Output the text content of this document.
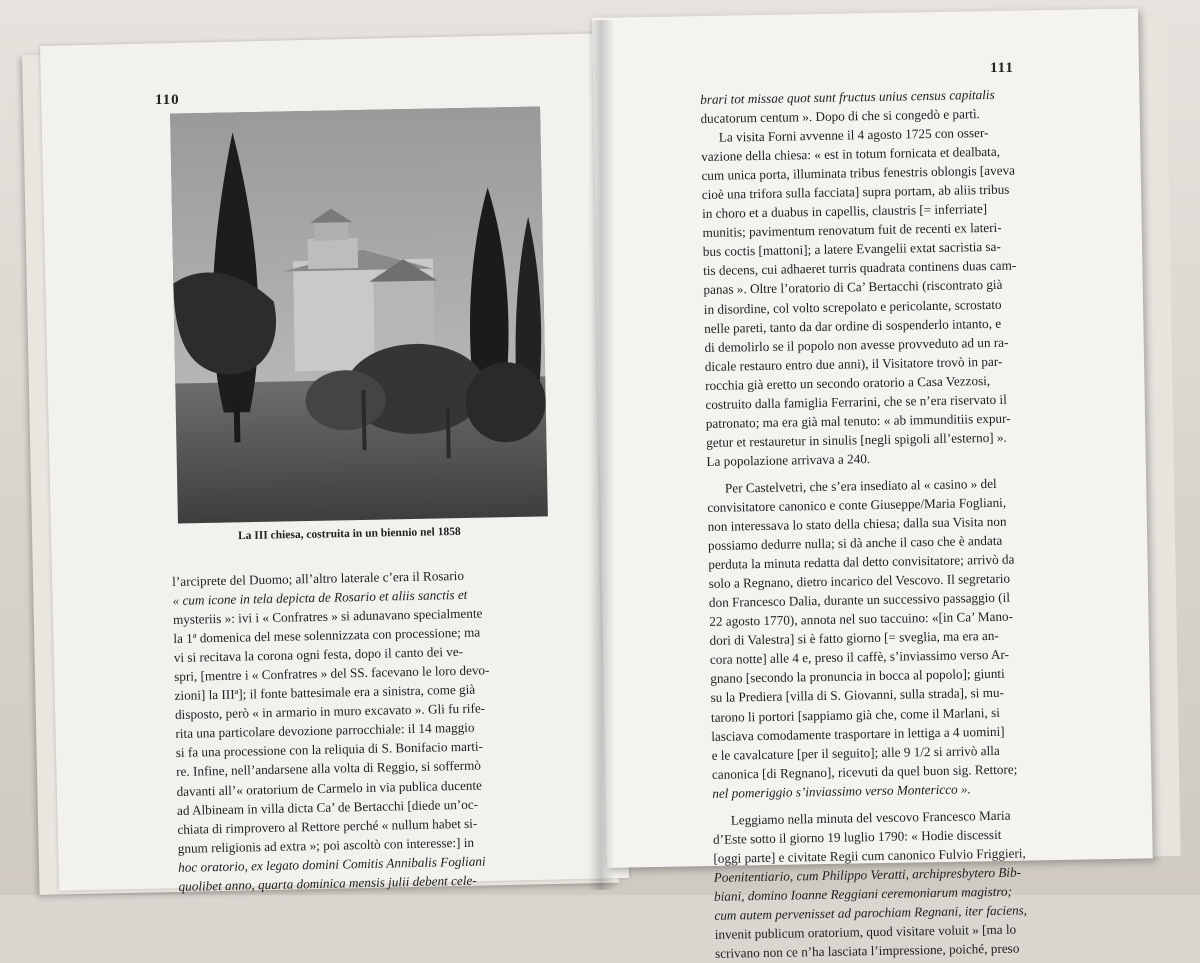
110
111
La III chiesa, costruita in un biennio nel 1858
l’arciprete del Duomo; all’altro laterale c’era il Rosario
« cum icone in tela depicta de Rosario et aliis sanctis et
mysteriis »: ivi i « Confratres » si adunavano specialmente
la 1ª domenica del mese solennizzata con processione; ma
vi si recitava la corona ogni festa, dopo il canto dei ve-
spri, [mentre i « Confratres » del SS. facevano le loro devo-
zioni] la IIIª]; il fonte battesimale era a sinistra, come già
disposto, però « in armario in muro excavato ». Gli fu rife-
rita una particolare devozione parrocchiale: il 14 maggio
si fa una processione con la reliquia di S. Bonifacio marti-
re. Infine, nell’andarsene alla volta di Reggio, si soffermò
davanti all’« oratorium de Carmelo in via publica ducente
ad Albineam in villa dicta Ca’ de Bertacchi [diede un’oc-
chiata di rimprovero al Rettore perché « nullum habet si-
gnum religionis ad extra »; poi ascoltò con interesse:] in
hoc oratorio, ex legato domini Comitis Annibalis Fogliani
quolibet anno, quarta dominica mensis julii debent cele-
brari tot missae quot sunt fructus unius census capitalis
ducatorum centum ». Dopo di che si congedò e partì.
La visita Forni avvenne il 4 agosto 1725 con osser-
vazione della chiesa: « est in totum fornicata et dealbata,
cum unica porta, illuminata tribus fenestris oblongis [aveva
cioè una trifora sulla facciata] supra portam, ab aliis tribus
in choro et a duabus in capellis, claustris [= inferriate]
munitis; pavimentum renovatum fuit de recenti ex lateri-
bus coctis [mattoni]; a latere Evangelii extat sacristia sa-
tis decens, cui adhaeret turris quadrata continens duas cam-
panas ». Oltre l’oratorio di Ca’ Bertacchi (riscontrato già
in disordine, col volto screpolato e pericolante, scrostato
nelle pareti, tanto da dar ordine di sospenderlo intanto, e
di demolirlo se il popolo non avesse provveduto ad un ra-
dicale restauro entro due anni), il Visitatore trovò in par-
rocchia già eretto un secondo oratorio a Casa Vezzosi,
costruito dalla famiglia Ferrarini, che se n’era riservato il
patronato; ma era già mal tenuto: « ab immunditiis expur-
getur et restauretur in sinulis [negli spigoli all’esterno] ».
La popolazione arrivava a 240.
Per Castelvetri, che s’era insediato al « casino » del
convisitatore canonico e conte Giuseppe/Maria Fogliani,
non interessava lo stato della chiesa; dalla sua Visita non
possiamo dedurre nulla; si dà anche il caso che è andata
perduta la minuta redatta dal detto convisitatore; arrivò da
solo a Regnano, dietro incarico del Vescovo. Il segretario
don Francesco Dalia, durante un successivo passaggio (il
22 agosto 1770), annota nel suo taccuino: «[in Ca’ Mano-
dori di Valestra] si è fatto giorno [= sveglia, ma era an-
cora notte] alle 4 e, preso il caffè, s’inviassimo verso Ar-
gnano [secondo la pronuncia in bocca al popolo]; giunti
su la Prediera [villa di S. Giovanni, sulla strada], si mu-
tarono li portori [sappiamo già che, come il Marlani, si
lasciava comodamente trasportare in lettiga a 4 uomini]
e le cavalcature [per il seguito]; alle 9 1/2 si arrivò alla
canonica [di Regnano], ricevuti da quel buon sig. Rettore;
nel pomeriggio s’inviassimo verso Montericco ».
Leggiamo nella minuta del vescovo Francesco Maria
d’Este sotto il giorno 19 luglio 1790: « Hodie discessit
[oggi parte] e civitate Regii cum canonico Fulvio Friggieri,
Poenitentiario, cum Philippo Veratti, archipresbytero Bib-
biani, domino Ioanne Reggiani ceremoniarum magistro;
cum autem pervenisset ad parochiam Regnani, iter faciens,
invenit publicum oratorium, quod visitare voluit » [ma lo
scrivano non ce n’ha lasciata l’impressione, poiché, preso
